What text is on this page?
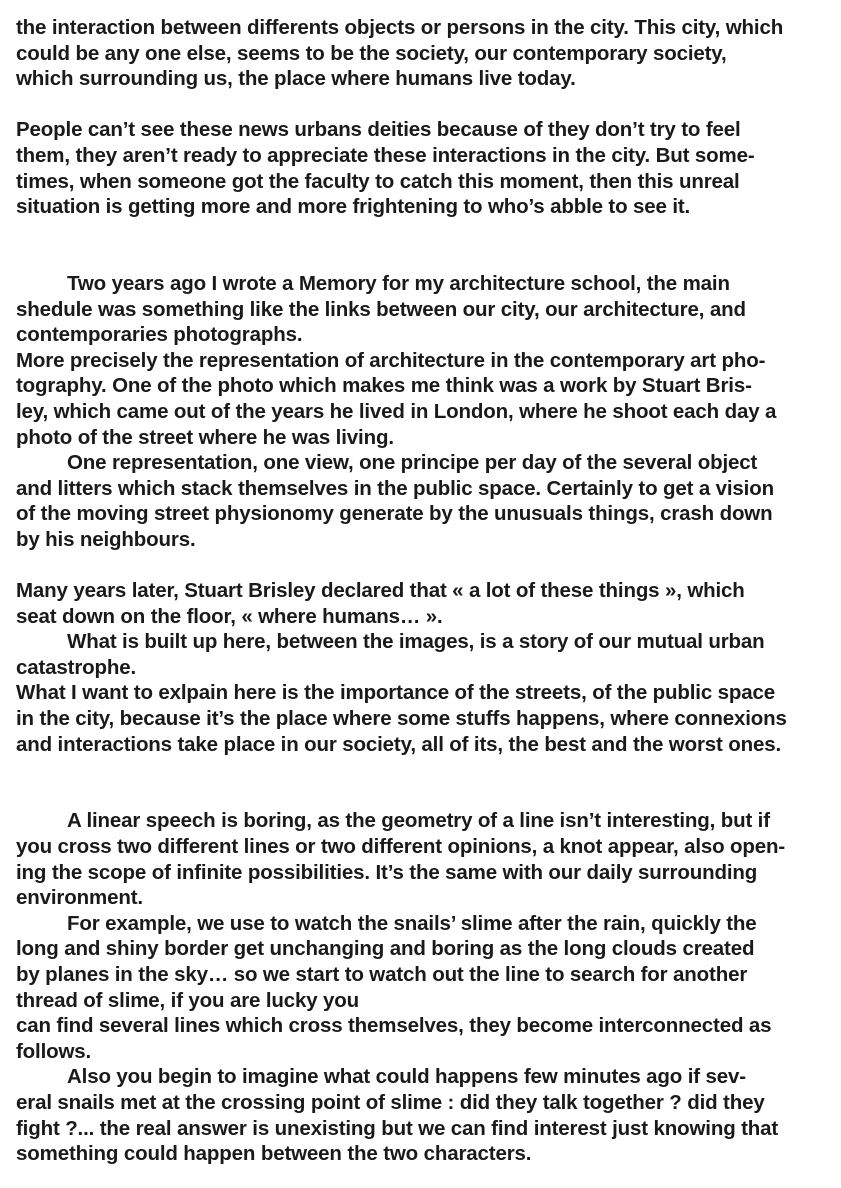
the interaction between differents objects or persons in the city. This city, which
could be any one else, seems to be the society, our contemporary society,
which surrounding us, the place where humans live today.
People can’t see these news urbans deities because of they don’t try to feel
them, they aren’t ready to appreciate these interactions in the city. But some-
times, when someone got the faculty to catch this moment, then this unreal
situation is getting more and more frightening to who’s abble to see it.
Two years ago I wrote a Memory for my architecture school, the main
shedule was something like the links between our city, our architecture, and
contemporaries photographs.
More precisely the representation of architecture in the contemporary art pho-
tography. One of the photo which makes me think was a work by Stuart Bris-
ley, which came out of the years he lived in London, where he shoot each day a
photo of the street where he was living.
One representation, one view, one principe per day of the several object
and litters which stack themselves in the public space. Certainly to get a vision
of the moving street physionomy generate by the unusuals things, crash down
by his neighbours.
Many years later, Stuart Brisley declared that « a lot of these things », which
seat down on the floor, « where humans… ».
What is built up here, between the images, is a story of our mutual urban
catastrophe.
What I want to exlpain here is the importance of the streets, of the public space
in the city, because it’s the place where some stuffs happens, where connexions
and interactions take place in our society, all of its, the best and the worst ones.
A linear speech is boring, as the geometry of a line isn’t interesting, but if
you cross two different lines or two different opinions, a knot appear, also open-
ing the scope of infinite possibilities. It’s the same with our daily surrounding
environment.
For example, we use to watch the snails’ slime after the rain, quickly the
long and shiny border get unchanging and boring as the long clouds created
by planes in the sky… so we start to watch out the line to search for another
thread of slime, if you are lucky you
can find several lines which cross themselves, they become interconnected as
follows.
Also you begin to imagine what could happens few minutes ago if sev-
eral snails met at the crossing point of slime : did they talk together ? did they
fight ?... the real answer is unexisting but we can find interest just knowing that
something could happen between the two characters.
